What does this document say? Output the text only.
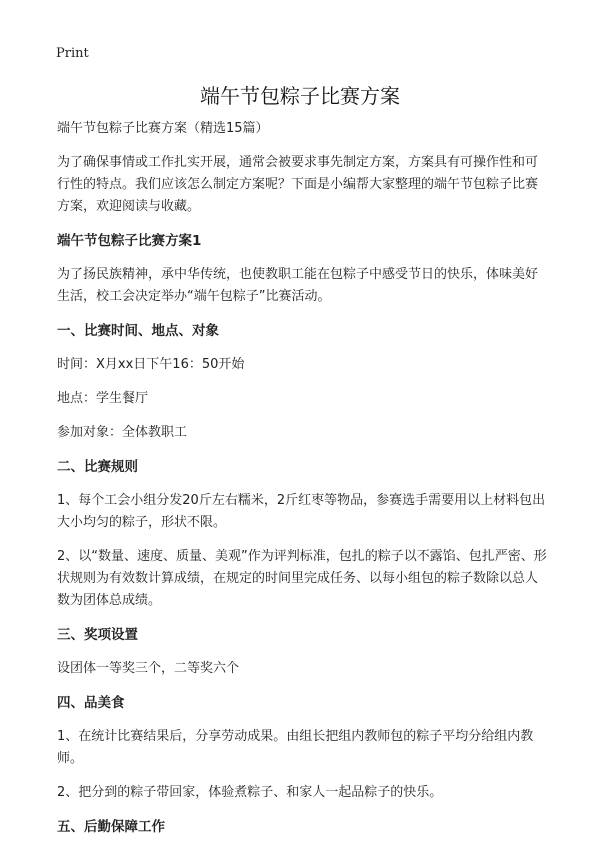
Print
端午节包粽子比赛方案

端午节包粽子比赛方案（精选15篇）

为了确保事情或工作扎实开展，通常会被要求事先制定方案，方案具有可操作性和可行性的特点。我们应该怎么制定方案呢？下面是小编帮大家整理的端午节包粽子比赛方案，欢迎阅读与收藏。

端午节包粽子比赛方案1

为了扬民族精神，承中华传统，也使教职工能在包粽子中感受节日的快乐，体味美好生活，校工会决定举办“端午包粽子”比赛活动。

一、比赛时间、地点、对象

时间：X月xx日下午16：50开始

地点：学生餐厅

参加对象：全体教职工

二、比赛规则

1、每个工会小组分发20斤左右糯米，2斤红枣等物品，参赛选手需要用以上材料包出大小均匀的粽子，形状不限。

2、以“数量、速度、质量、美观”作为评判标准，包扎的粽子以不露馅、包扎严密、形状规则为有效数计算成绩，在规定的时间里完成任务、以每小组包的粽子数除以总人数为团体总成绩。

三、奖项设置

设团体一等奖三个，二等奖六个

四、品美食

1、在统计比赛结果后，分享劳动成果。由组长把组内教师包的粽子平均分给组内教师。

2、把分到的粽子带回家，体验煮粽子、和家人一起品粽子的快乐。

五、后勤保障工作
